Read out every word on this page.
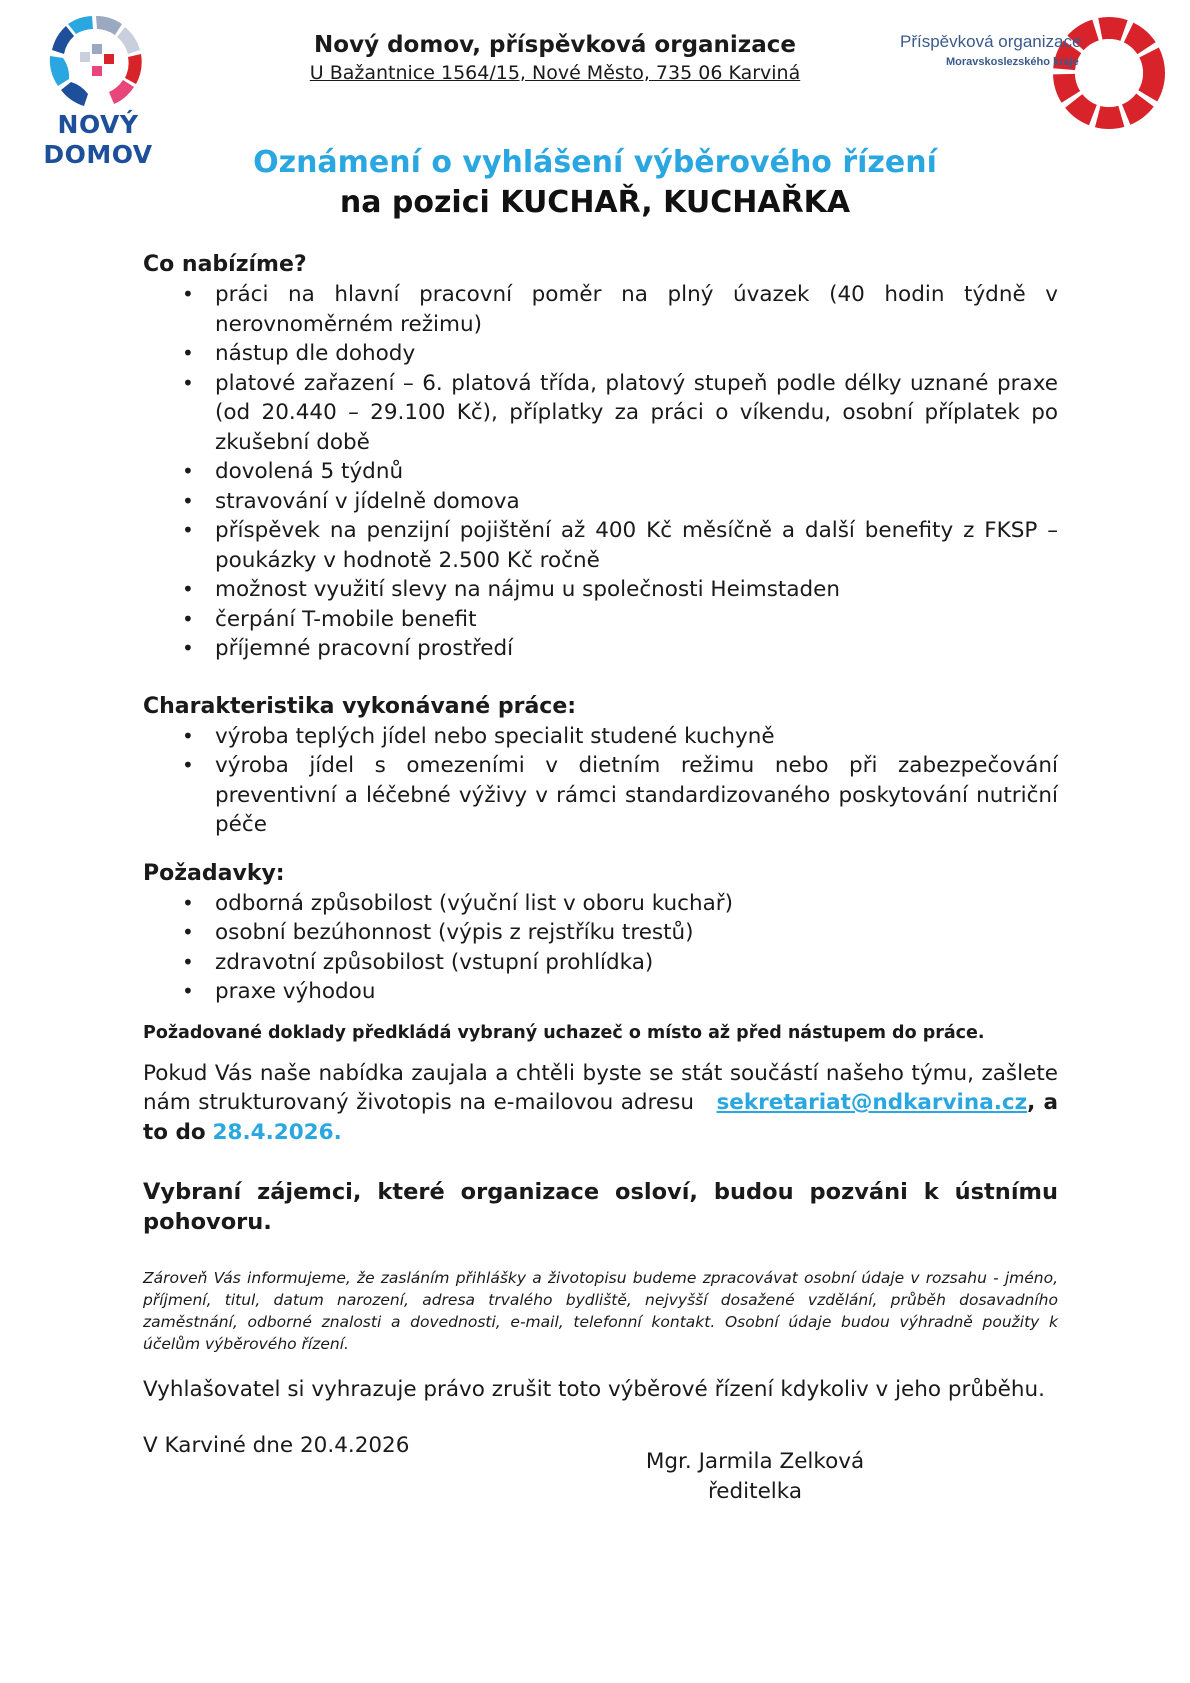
NOVÝ
DOMOV
Nový domov, příspěvková organizace
U Bažantnice 1564/15, Nové Město, 735 06 Karviná
Příspěvková organizace
Moravskoslezského kraje
Oznámení o vyhlášení výběrového řízení
na pozici KUCHAŘ, KUCHAŘKA

Co nabízíme?

• práci na hlavní pracovní poměr na plný úvazek (40 hodin týdně v nerovnoměrném režimu)
• nástup dle dohody
• platové zařazení – 6. platová třída, platový stupeň podle délky uznané praxe (od 20.440 – 29.100 Kč), příplatky za práci o víkendu, osobní příplatek po zkušební době
• dovolená 5 týdnů
• stravování v jídelně domova
• příspěvek na penzijní pojištění až 400 Kč měsíčně a další benefity z FKSP – poukázky v hodnotě 2.500 Kč ročně
• možnost využití slevy na nájmu u společnosti Heimstaden
• čerpání T-mobile benefit
• příjemné pracovní prostředí

Charakteristika vykonávané práce:

• výroba teplých jídel nebo specialit studené kuchyně
• výroba jídel s omezeními v dietním režimu nebo při zabezpečování preventivní a léčebné výživy v rámci standardizovaného poskytování nutriční péče

Požadavky:

• odborná způsobilost (výuční list v oboru kuchař)
• osobní bezúhonnost (výpis z rejstříku trestů)
• zdravotní způsobilost (vstupní prohlídka)
• praxe výhodou
Požadované doklady předkládá vybraný uchazeč o místo až před nástupem do práce.
Pokud Vás naše nabídka zaujala a chtěli byste se stát součástí našeho týmu, zašlete nám strukturovaný životopis na e-mailovou adresu sekretariat@ndkarvina.cz, a to do 28.4.2026.
Vybraní zájemci, které organizace osloví, budou pozváni k ústnímu pohovoru.
Zároveň Vás informujeme, že zasláním přihlášky a životopisu budeme zpracovávat osobní údaje v rozsahu - jméno, příjmení, titul, datum narození, adresa trvalého bydliště, nejvyšší dosažené vzdělání, průběh dosavadního zaměstnání, odborné znalosti a dovednosti, e-mail, telefonní kontakt. Osobní údaje budou výhradně použity k účelům výběrového řízení.
Vyhlašovatel si vyhrazuje právo zrušit toto výběrové řízení kdykoliv v jeho průběhu.
V Karviné dne 20.4.2026
Mgr. Jarmila Zelková
ředitelka
